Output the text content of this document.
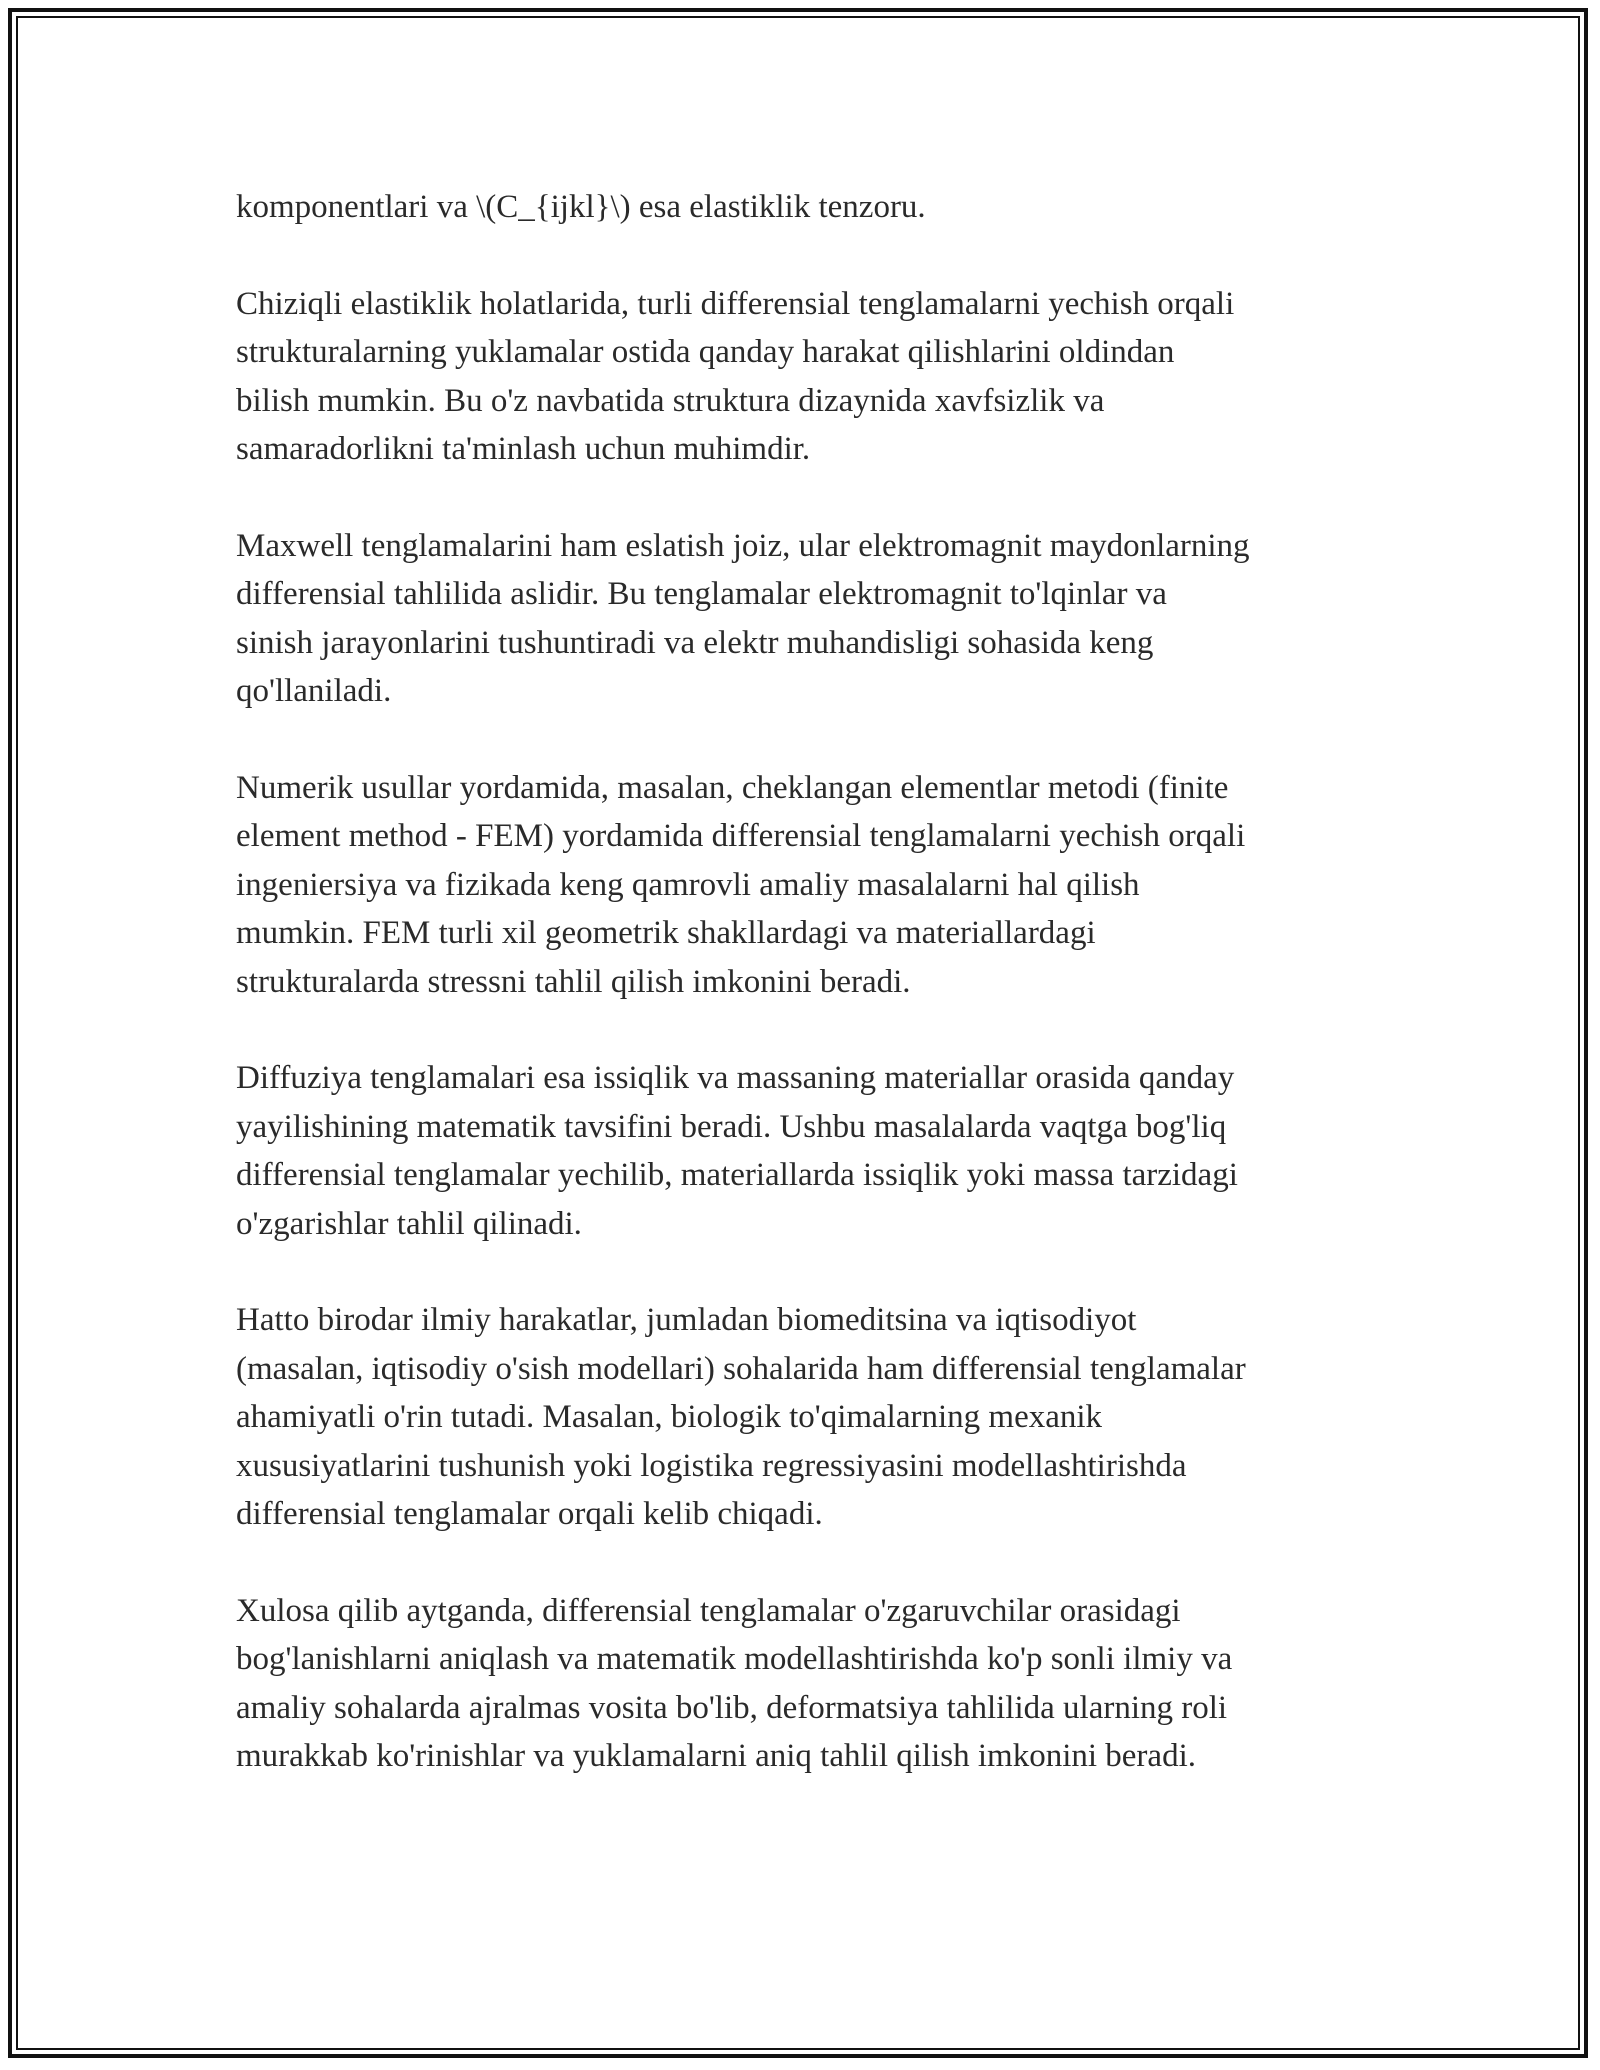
komponentlari va \(C_{ijkl}\) esa elastiklik tenzoru.

Chiziqli elastiklik holatlarida, turli differensial tenglamalarni yechish orqali
strukturalarning yuklamalar ostida qanday harakat qilishlarini oldindan
bilish mumkin. Bu o'z navbatida struktura dizaynida xavfsizlik va
samaradorlikni ta'minlash uchun muhimdir.

Maxwell tenglamalarini ham eslatish joiz, ular elektromagnit maydonlarning
differensial tahlilida aslidir. Bu tenglamalar elektromagnit to'lqinlar va
sinish jarayonlarini tushuntiradi va elektr muhandisligi sohasida keng
qo'llaniladi.

Numerik usullar yordamida, masalan, cheklangan elementlar metodi (finite
element method - FEM) yordamida differensial tenglamalarni yechish orqali
ingeniersiya va fizikada keng qamrovli amaliy masalalarni hal qilish
mumkin. FEM turli xil geometrik shakllardagi va materiallardagi
strukturalarda stressni tahlil qilish imkonini beradi.

Diffuziya tenglamalari esa issiqlik va massaning materiallar orasida qanday
yayilishining matematik tavsifini beradi. Ushbu masalalarda vaqtga bog'liq
differensial tenglamalar yechilib, materiallarda issiqlik yoki massa tarzidagi
o'zgarishlar tahlil qilinadi.

Hatto birodar ilmiy harakatlar, jumladan biomeditsina va iqtisodiyot
(masalan, iqtisodiy o'sish modellari) sohalarida ham differensial tenglamalar
ahamiyatli o'rin tutadi. Masalan, biologik to'qimalarning mexanik
xususiyatlarini tushunish yoki logistika regressiyasini modellashtirishda
differensial tenglamalar orqali kelib chiqadi.

Xulosa qilib aytganda, differensial tenglamalar o'zgaruvchilar orasidagi
bog'lanishlarni aniqlash va matematik modellashtirishda ko'p sonli ilmiy va
amaliy sohalarda ajralmas vosita bo'lib, deformatsiya tahlilida ularning roli
murakkab ko'rinishlar va yuklamalarni aniq tahlil qilish imkonini beradi.
